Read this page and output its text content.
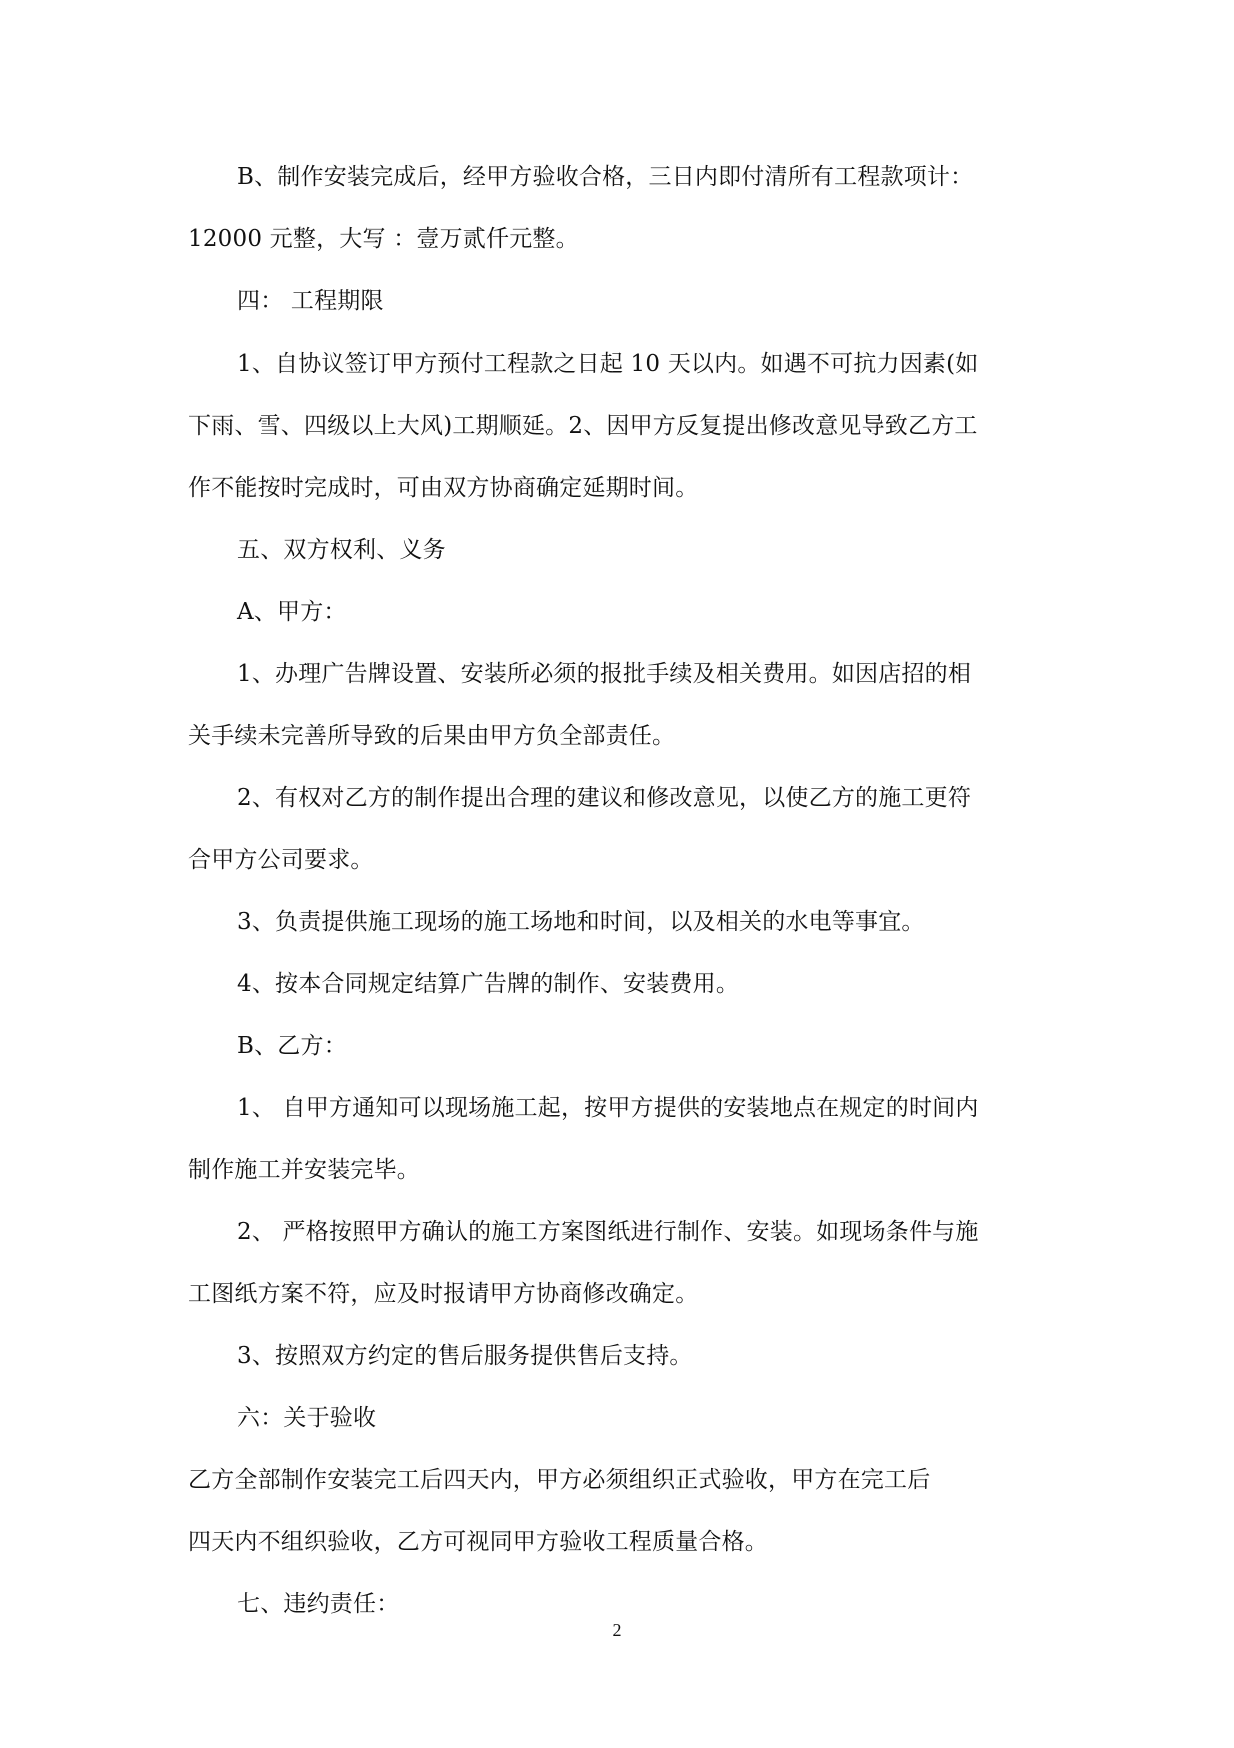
B、制作安装完成后，经甲方验收合格，三日内即付清所有工程款项计：
12000 元整，大写 ：壹万贰仟元整。
四： 工程期限
1、自协议签订甲方预付工程款之日起 10 天以内。如遇不可抗力因素(如
下雨、雪、四级以上大风)工期顺延。2、因甲方反复提出修改意见导致乙方工
作不能按时完成时，可由双方协商确定延期时间。
五、双方权利、义务
A、甲方：
1、办理广告牌设置、安装所必须的报批手续及相关费用。如因店招的相
关手续未完善所导致的后果由甲方负全部责任。
2、有权对乙方的制作提出合理的建议和修改意见，以使乙方的施工更符
合甲方公司要求。
3、负责提供施工现场的施工场地和时间，以及相关的水电等事宜。
4、按本合同规定结算广告牌的制作、安装费用。
B、乙方：
1、 自甲方通知可以现场施工起，按甲方提供的安装地点在规定的时间内
制作施工并安装完毕。
2、 严格按照甲方确认的施工方案图纸进行制作、安装。如现场条件与施
工图纸方案不符，应及时报请甲方协商修改确定。
3、按照双方约定的售后服务提供售后支持。
六：关于验收
乙方全部制作安装完工后四天内，甲方必须组织正式验收，甲方在完工后
四天内不组织验收，乙方可视同甲方验收工程质量合格。
七、违约责任：
2
